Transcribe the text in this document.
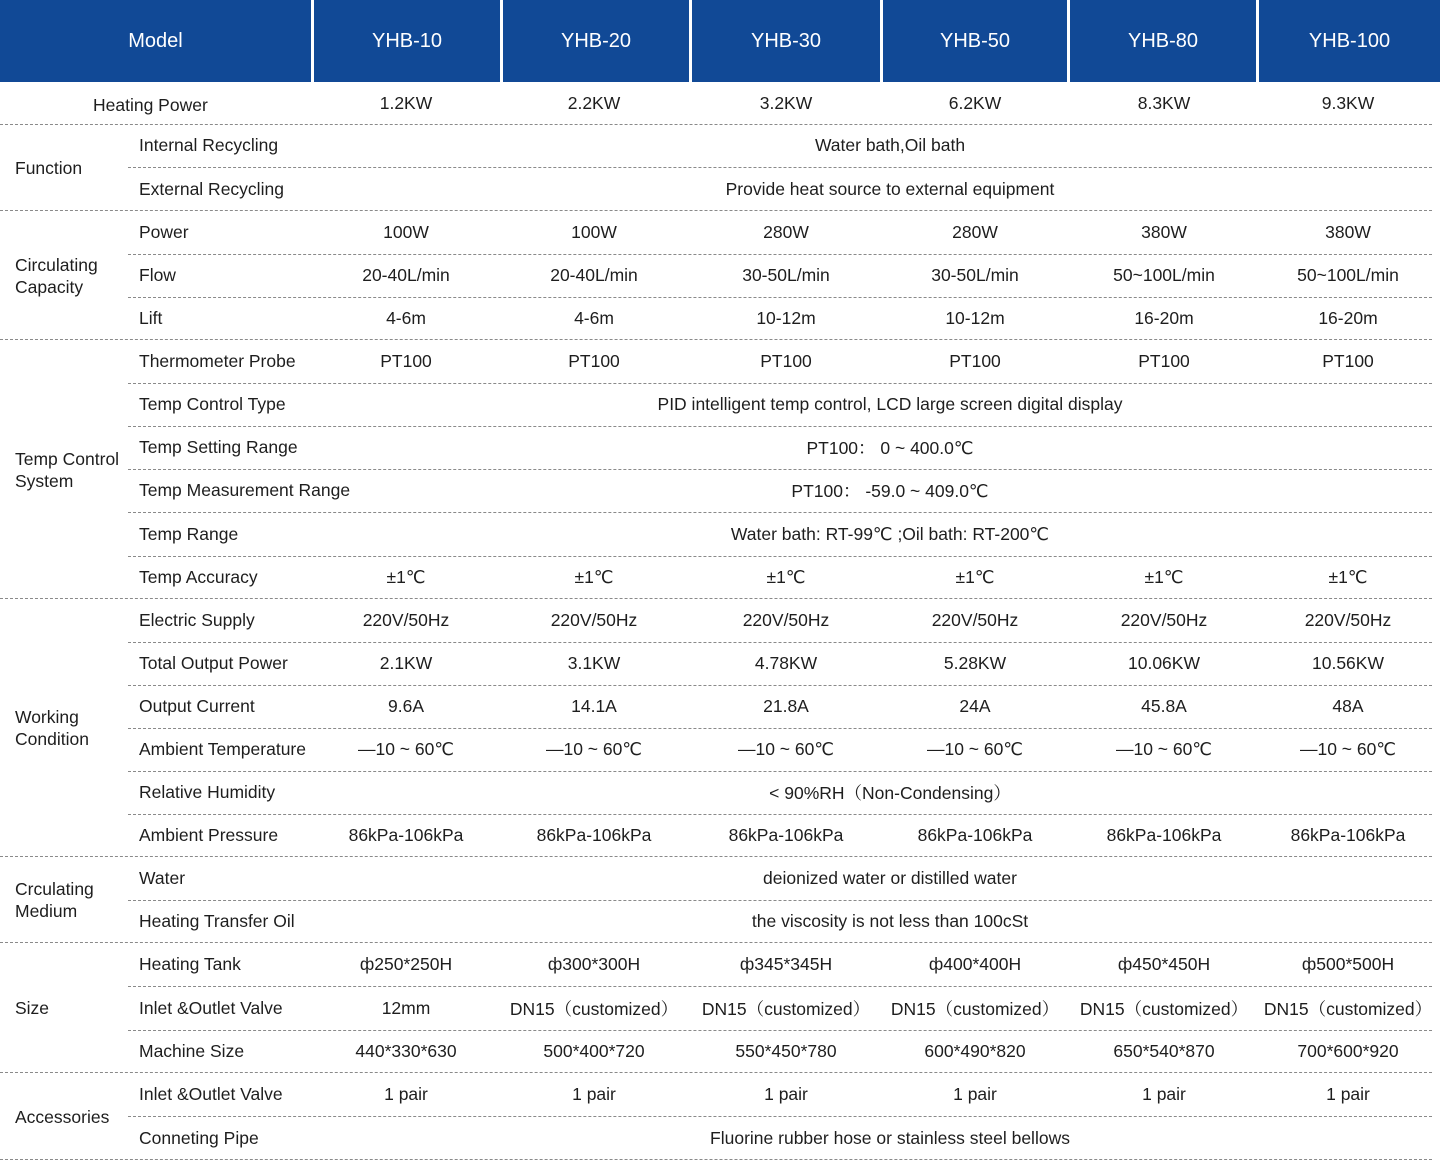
Model	YHB-10	YHB-20	YHB-30	YHB-50	YHB-80	YHB-100
Heating Power	1.2KW	2.2KW	3.2KW	6.2KW	8.3KW	9.3KW
Function
Internal Recycling	Water bath,Oil bath
External Recycling	Provide heat source to external equipment
Circulating
Capacity
Power	100W	100W	280W	280W	380W	380W
Flow	20-40L/min	20-40L/min	30-50L/min	30-50L/min	50~100L/min	50~100L/min
Lift	4-6m	4-6m	10-12m	10-12m	16-20m	16-20m
Temp Control
System
Thermometer Probe	PT100	PT100	PT100	PT100	PT100	PT100
Temp Control Type	PID intelligent temp control, LCD large screen digital display
Temp Setting Range	PT100： 0 ~ 400.0℃
Temp Measurement Range	PT100： -59.0 ~ 409.0℃
Temp Range	Water bath: RT-99℃ ;Oil bath: RT-200℃
Temp Accuracy	±1℃	±1℃	±1℃	±1℃	±1℃	±1℃
Working
Condition
Electric Supply	220V/50Hz	220V/50Hz	220V/50Hz	220V/50Hz	220V/50Hz	220V/50Hz
Total Output Power	2.1KW	3.1KW	4.78KW	5.28KW	10.06KW	10.56KW
Output Current	9.6A	14.1A	21.8A	24A	45.8A	48A
Ambient Temperature	—10 ~ 60℃	—10 ~ 60℃	—10 ~ 60℃	—10 ~ 60℃	—10 ~ 60℃	—10 ~ 60℃
Relative Humidity	< 90%RH（Non-Condensing）
Ambient Pressure	86kPa-106kPa	86kPa-106kPa	86kPa-106kPa	86kPa-106kPa	86kPa-106kPa	86kPa-106kPa
Crculating
Medium
Water	deionized water or distilled water
Heating Transfer Oil	the viscosity is not less than 100cSt
Size
Heating Tank	ф250*250H	ф300*300H	ф345*345H	ф400*400H	ф450*450H	ф500*500H
Inlet &Outlet Valve	12mm	DN15（customized）	DN15（customized）	DN15（customized）	DN15（customized） DN15（customized）
Machine Size	440*330*630	500*400*720	550*450*780	600*490*820	650*540*870	700*600*920
Accessories
Inlet &Outlet Valve	1 pair	1 pair	1 pair	1 pair	1 pair	1 pair
Conneting Pipe	Fluorine rubber hose or stainless steel bellows
